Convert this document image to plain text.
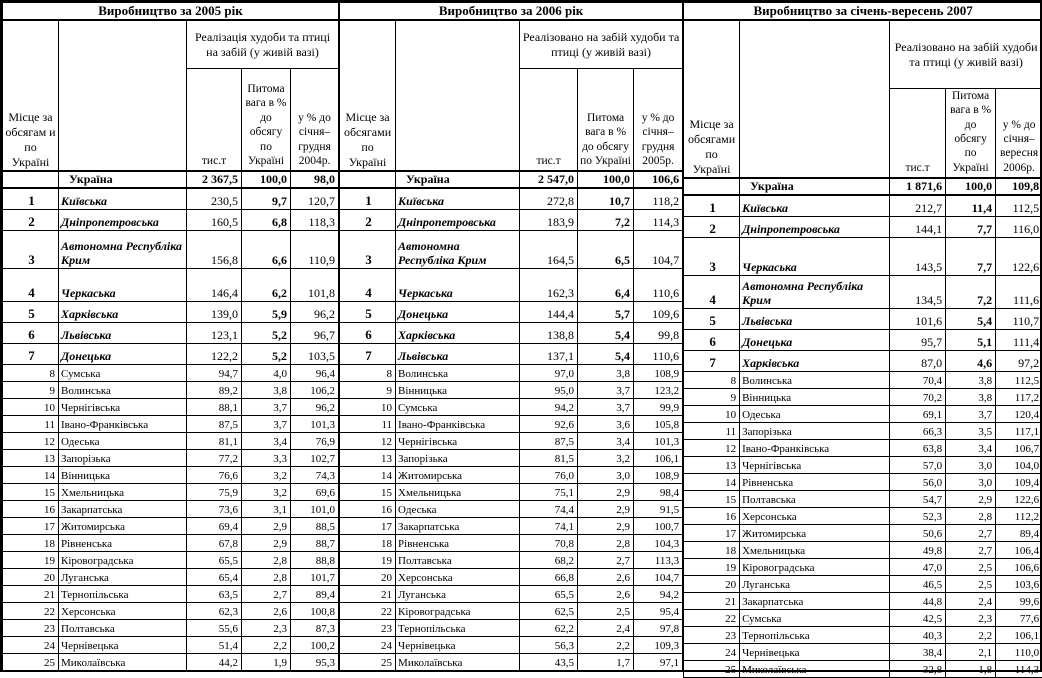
Виробництво за 2005 рік				
Місце за обсягам и по Україні		Реалізація худоби та птиці на забій (у живій вазі)		
		тис.т	Питома вага в % до обсягу по Україні	у % до січня–грудня 2004р.
	Україна	2 367,5	100,0	98,0
1	Київська	230,5	9,7	120,7
2	Дніпропетровська	160,5	6,8	118,3
3	Автономна Республіка Крим	156,8	6,6	110,9
4	Черкаська	146,4	6,2	101,8
5	Харківська	139,0	5,9	96,2
6	Львівська	123,1	5,2	96,7
7	Донецька	122,2	5,2	103,5
8	Сумська	94,7	4,0	96,4
9	Волинська	89,2	3,8	106,2
10	Чернігівська	88,1	3,7	96,2
11	Івано-Франківська	87,5	3,7	101,3
12	Одеська	81,1	3,4	76,9
13	Запорізька	77,2	3,3	102,7
14	Вінницька	76,6	3,2	74,3
15	Хмельницька	75,9	3,2	69,6
16	Закарпатська	73,6	3,1	101,0
17	Житомирська	69,4	2,9	88,5
18	Рівненська	67,8	2,9	88,7
19	Кіровоградська	65,5	2,8	88,8
20	Луганська	65,4	2,8	101,7
21	Тернопільська	63,5	2,7	89,4
22	Херсонська	62,3	2,6	100,8
23	Полтавська	55,6	2,3	87,3
24	Чернівецька	51,4	2,2	100,2
25	Миколаївська	44,2	1,9	95,3
Виробництво за 2006 рік				
Місце за обсягами по Україні		Реалізовано на забій худоби та птиці (у живій вазі)		
		тис.т	Питома вага в % до обсягу по Україні	у % до січня–грудня 2005р.
	Україна	2 547,0	100,0	106,6
1	Київська	272,8	10,7	118,2
2	Дніпропетровська	183,9	7,2	114,3
3	Автономна Республіка Крим	164,5	6,5	104,7
4	Черкаська	162,3	6,4	110,6
5	Донецька	144,4	5,7	109,6
6	Харківська	138,8	5,4	99,8
7	Львівська	137,1	5,4	110,6
8	Волинська	97,0	3,8	108,9
9	Вінницька	95,0	3,7	123,2
10	Сумська	94,2	3,7	99,9
11	Івано-Франківська	92,6	3,6	105,8
12	Чернігівська	87,5	3,4	101,3
13	Запорізька	81,5	3,2	106,1
14	Житомирська	76,0	3,0	108,9
15	Хмельницька	75,1	2,9	98,4
16	Одеська	74,4	2,9	91,5
17	Закарпатська	74,1	2,9	100,7
18	Рівненська	70,8	2,8	104,3
19	Полтавська	68,2	2,7	113,3
20	Херсонська	66,8	2,6	104,7
21	Луганська	65,5	2,6	94,2
22	Кіровоградська	62,5	2,5	95,4
23	Тернопільська	62,2	2,4	97,8
24	Чернівецька	56,3	2,2	109,3
25	Миколаївська	43,5	1,7	97,1
Виробництво за січень-вересень 2007				
Місце за обсягами по Україні		Реалізовано на забій худоби та птиці (у живій вазі)		
		тис.т	Питома вага в % до обсягу по Україні	у % до січня–вересня 2006р.
	Україна	1 871,6	100,0	109,8
1	Київська	212,7	11,4	112,5
2	Дніпропетровська	144,1	7,7	116,0
3	Черкаська	143,5	7,7	122,6
4	Автономна Республіка Крим	134,5	7,2	111,6
5	Львівська	101,6	5,4	110,7
6	Донецька	95,7	5,1	111,4
7	Харківська	87,0	4,6	97,2
8	Волинська	70,4	3,8	112,5
9	Вінницька	70,2	3,8	117,2
10	Одеська	69,1	3,7	120,4
11	Запорізька	66,3	3,5	117,1
12	Івано-Франківська	63,8	3,4	106,7
13	Чернігівська	57,0	3,0	104,0
14	Рівненська	56,0	3,0	109,4
15	Полтавська	54,7	2,9	122,6
16	Херсонська	52,3	2,8	112,2
17	Житомирська	50,6	2,7	89,4
18	Хмельницька	49,8	2,7	106,4
19	Кіровоградська	47,0	2,5	106,6
20	Луганська	46,5	2,5	103,6
21	Закарпатська	44,8	2,4	99,6
22	Сумська	42,5	2,3	77,6
23	Тернопільська	40,3	2,2	106,1
24	Чернівецька	38,4	2,1	110,0
25	Миколаївська	32,8	1,8	114,3
